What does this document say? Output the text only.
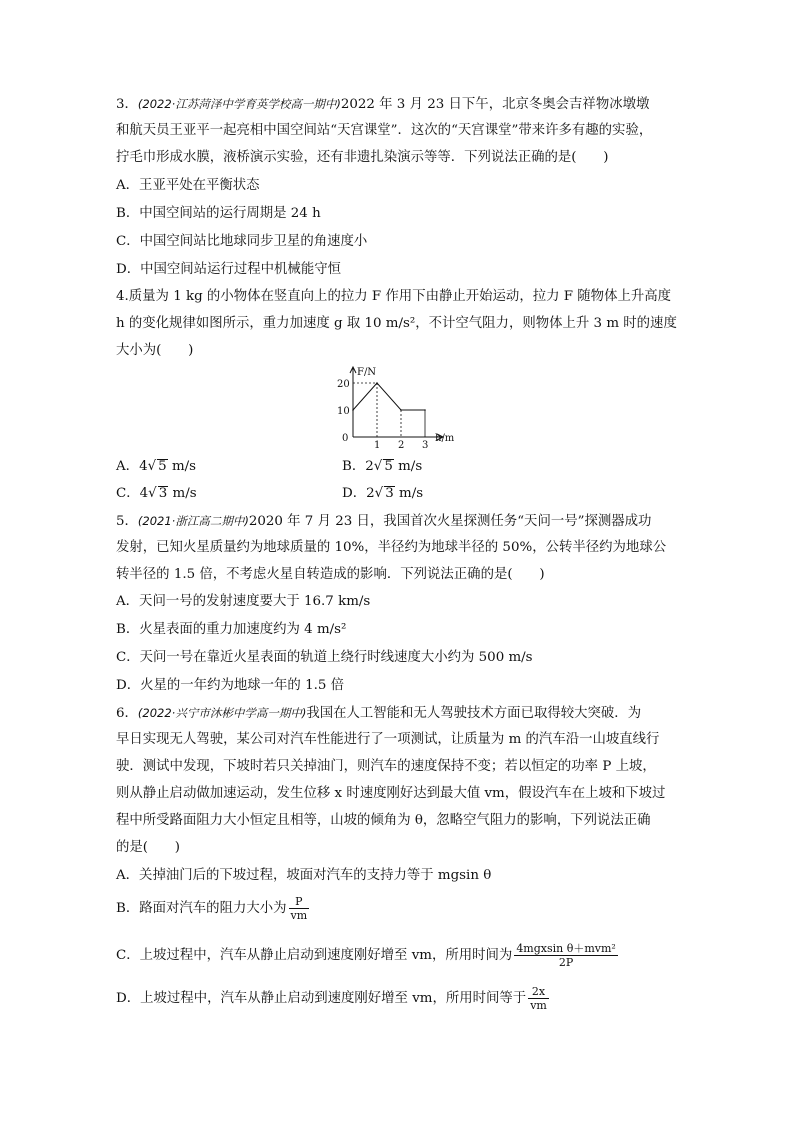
3．(2022·江苏菏泽中学育英学校高一期中)2022 年 3 月 23 日下午，北京冬奥会吉祥物冰墩墩
和航天员王亚平一起亮相中国空间站“天宫课堂”．这次的“天宫课堂”带来许多有趣的实验，
拧毛巾形成水膜，液桥演示实验，还有非遗扎染演示等等．下列说法正确的是(　　)
A．王亚平处在平衡状态
B．中国空间站的运行周期是 24 h
C．中国空间站比地球同步卫星的角速度小
D．中国空间站运行过程中机械能守恒
4.质量为 1 kg 的小物体在竖直向上的拉力 F 作用下由静止开始运动，拉力 F 随物体上升高度
h 的变化规律如图所示，重力加速度 g 取 10 m/s²，不计空气阻力，则物体上升 3 m 时的速度
大小为(　　)
F/N
h/m
0
20
10
1 2 3
A．4√ 5 m/s	B．2√ 5 m/s
C．4√ 3 m/s	D．2√ 3 m/s
5．(2021·浙江高二期中)2020 年 7 月 23 日，我国首次火星探测任务“天问一号”探测器成功
发射，已知火星质量约为地球质量的 10%，半径约为地球半径的 50%，公转半径约为地球公
转半径的 1.5 倍，不考虑火星自转造成的影响．下列说法正确的是(　　)
A．天问一号的发射速度要大于 16.7 km/s
B．火星表面的重力加速度约为 4 m/s²
C．天问一号在靠近火星表面的轨道上绕行时线速度大小约为 500 m/s
D．火星的一年约为地球一年的 1.5 倍
6．(2022·兴宁市沐彬中学高一期中)我国在人工智能和无人驾驶技术方面已取得较大突破．为
早日实现无人驾驶，某公司对汽车性能进行了一项测试，让质量为 m 的汽车沿一山坡直线行
驶．测试中发现，下坡时若只关掉油门，则汽车的速度保持不变；若以恒定的功率 P 上坡，
则从静止启动做加速运动，发生位移 x 时速度刚好达到最大值 vm，假设汽车在上坡和下坡过
程中所受路面阻力大小恒定且相等，山坡的倾角为 θ，忽略空气阻力的影响，下列说法正确
的是(　　)
A．关掉油门后的下坡过程，坡面对汽车的支持力等于 mgsin θ
B．路面对汽车的阻力大小为 $\frac{P}{vm}$
C．上坡过程中，汽车从静止启动到速度刚好增至 vm，所用时间为 $\frac{\text{4mgxsin θ＋mvm²}}{2P}$
D．上坡过程中，汽车从静止启动到速度刚好增至 vm，所用时间等于 $\frac{2x}{vm}$
